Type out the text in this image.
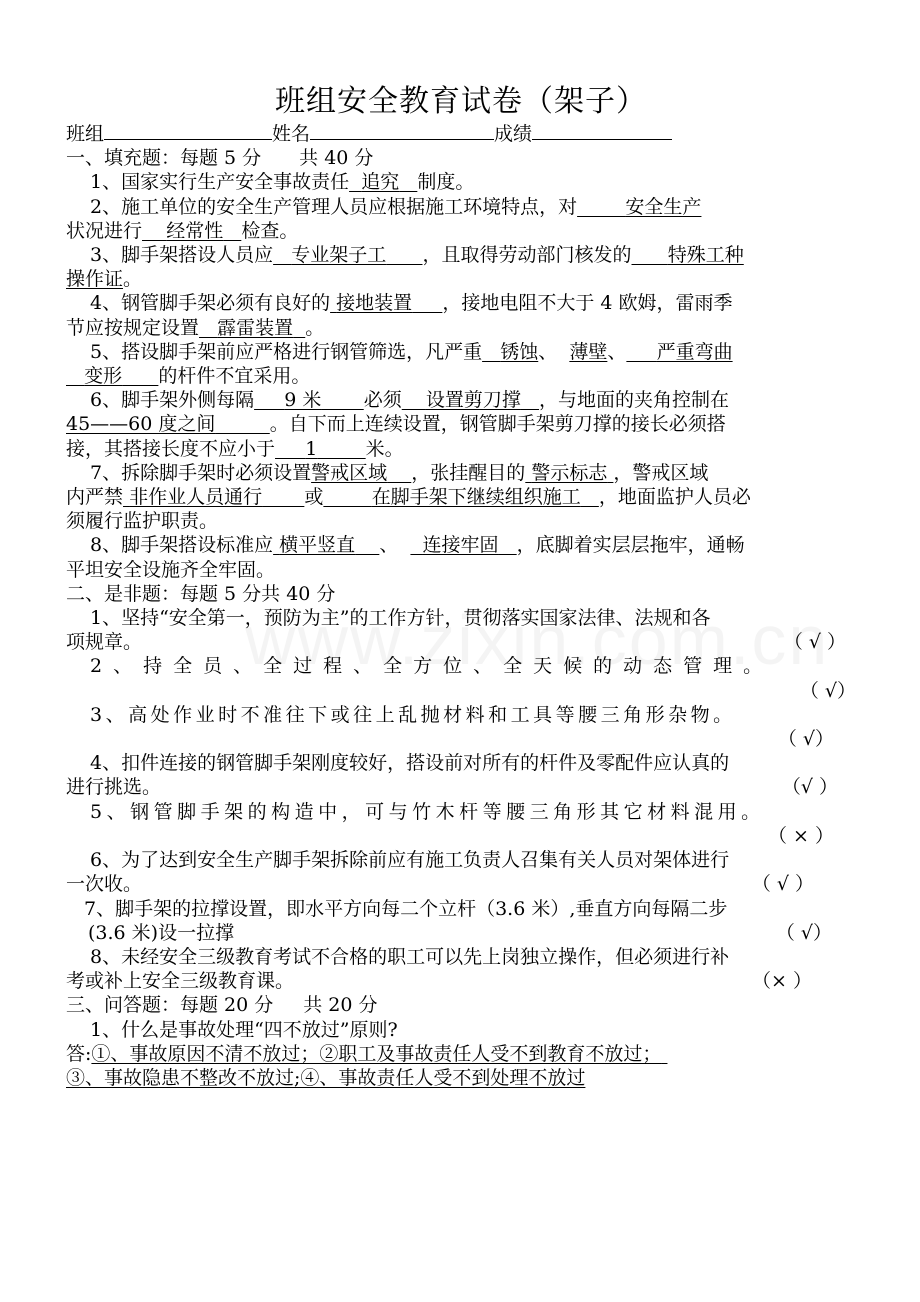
班组安全教育试卷（架子）
班组	姓名	成绩
一、填充题：每题 5 分 共 40 分
1、国家实行生产安全事故责任 追究 制度。
2、施工单位的安全生产管理人员应根据施工环境特点，对	安全生产
状况进行 经常性 检查。
3、脚手架搭设人员应 专业架子工 ，且取得劳动部门核发的 特殊工种
操作证。
4、钢管脚手架必须有良好的 接地装置 ，接地电阻不大于 4 欧姆，雷雨季
节应按规定设置 霹雷装置 。
5、搭设脚手架前应严格进行钢管筛选，凡严重 锈蚀、 薄壁、 严重弯曲
变形 的杆件不宜采用。
6、脚手架外侧每隔 9 米 必须 设置剪刀撑 ，与地面的夹角控制在
45——60 度之间	。自下而上连续设置，钢管脚手架剪刀撑的接长必须搭
接，其搭接长度不应小于 1	米。
7、拆除脚手架时必须设置警戒区域 ，张挂醒目的 警示标志 ，警戒区域
内严禁 非作业人员通行 或	在脚手架下继续组织施工 ，地面监护人员必
须履行监护职责。
8、脚手架搭设标准应 横平竖直 、 连接牢固 ，底脚着实层层拖牢，通畅
平坦安全设施齐全牢固。
二、是非题：每题 5 分共 40 分
1、坚持“安全第一，预防为主”的工作方针，贯彻落实国家法律、法规和各
项规章。	（ √ ）
2、持全员、全过程、全方位、全天候的动态管理。
（ √）
3、高处作业时不准往下或往上乱抛材料和工具等腰三角形杂物。
（ √）
4、扣件连接的钢管脚手架刚度较好，搭设前对所有的杆件及零配件应认真的
进行挑选。	（√ ）
5、钢管脚手架的构造中，可与竹木杆等腰三角形其它材料混用。
（ × ）
6、为了达到安全生产脚手架拆除前应有施工负责人召集有关人员对架体进行
一次收。	（ √ ）
7、脚手架的拉撑设置，即水平方向每二个立杆（3.6 米）,垂直方向每隔二步
(3.6 米)设一拉撑	（ √）
8、未经安全三级教育考试不合格的职工可以先上岗独立操作，但必须进行补
考或补上安全三级教育课。	（× ）
三、问答题：每题 20 分 共 20 分
1、什么是事故处理“四不放过”原则?
答:①、事故原因不清不放过；②职工及事故责任人受不到教育不放过；
③、事故隐患不整改不放过;④、事故责任人受不到处理不放过
